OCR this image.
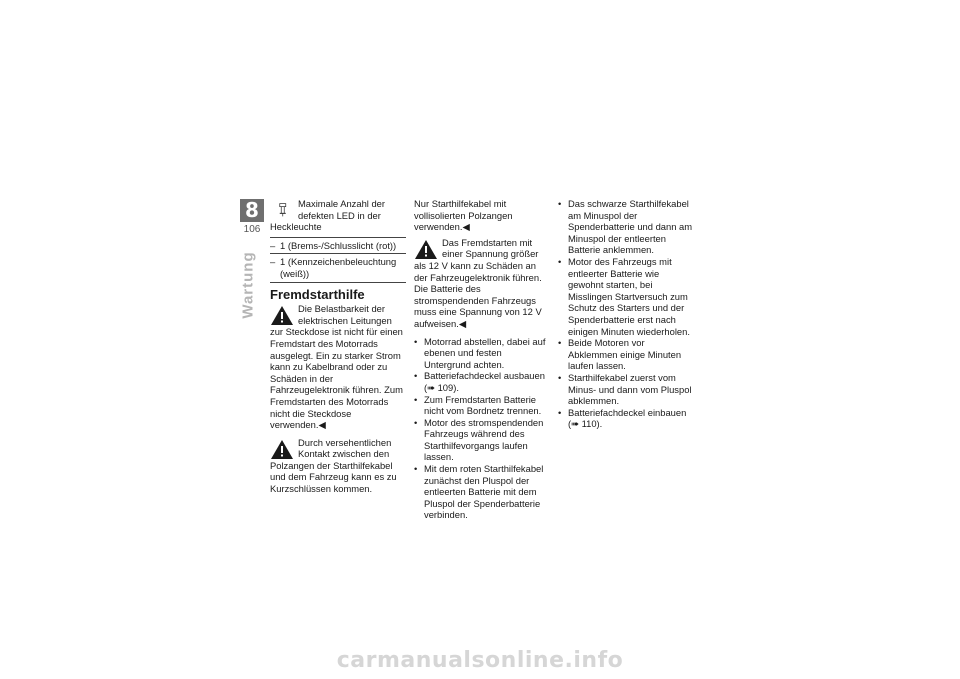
8
106
Wartung

Maximale Anzahl der defekten LED in der Heckleuchte

– 1 (Brems-/Schlusslicht (rot))
– 1 (Kennzeichenbeleuchtung (weiß))
Fremdstarthilfe

Die Belastbarkeit der elektrischen Leitungen zur Steckdose ist nicht für einen Fremdstart des Motorrads ausgelegt. Ein zu starker Strom kann zu Kabelbrand oder zu Schäden in der Fahrzeugelektronik führen. Zum Fremdstarten des Motorrads nicht die Steckdose verwenden.◀

Durch versehentlichen Kontakt zwischen den Polzangen der Starthilfekabel und dem Fahrzeug kann es zu Kurzschlüssen kommen.

Nur Starthilfekabel mit vollisolierten Polzangen verwenden.◀

Das Fremdstarten mit einer Spannung größer als 12 V kann zu Schäden an der Fahrzeugelektronik führen.

Die Batterie des stromspendenden Fahrzeugs muss eine Spannung von 12 V aufweisen.◀

• Motorrad abstellen, dabei auf ebenen und festen Untergrund achten.
• Batteriefachdeckel ausbauen (➠ 109).
• Zum Fremdstarten Batterie nicht vom Bordnetz trennen.
• Motor des stromspendenden Fahrzeugs während des Starthilfevorgangs laufen lassen.
• Mit dem roten Starthilfekabel zunächst den Pluspol der entleerten Batterie mit dem Pluspol der Spenderbatterie verbinden.
• Das schwarze Starthilfekabel am Minuspol der Spenderbatterie und dann am Minuspol der entleerten Batterie anklemmen.
• Motor des Fahrzeugs mit entleerter Batterie wie gewohnt starten, bei Misslingen Startversuch zum Schutz des Starters und der Spenderbatterie erst nach einigen Minuten wiederholen.
• Beide Motoren vor Abklemmen einige Minuten laufen lassen.
• Starthilfekabel zuerst vom Minus- und dann vom Pluspol abklemmen.
• Batteriefachdeckel einbauen (➠ 110).
carmanualsonline.info
